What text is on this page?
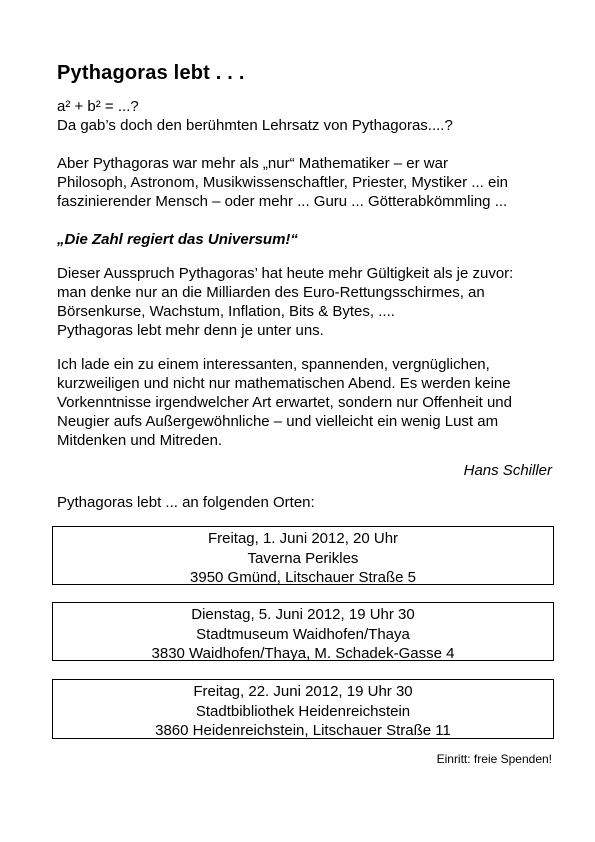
Pythagoras lebt . . .

a² + b² = ...?
Da gab’s doch den berühmten Lehrsatz von Pythagoras....?

Aber Pythagoras war mehr als „nur“ Mathematiker – er war
Philosoph, Astronom, Musikwissenschaftler, Priester, Mystiker ... ein
faszinierender Mensch – oder mehr ... Guru ... Götterabkömmling ...

„Die Zahl regiert das Universum!“

Dieser Ausspruch Pythagoras’ hat heute mehr Gültigkeit als je zuvor:
man denke nur an die Milliarden des Euro-Rettungsschirmes, an
Börsenkurse, Wachstum, Inflation, Bits & Bytes, ....
Pythagoras lebt mehr denn je unter uns.

Ich lade ein zu einem interessanten, spannenden, vergnüglichen,
kurzweiligen und nicht nur mathematischen Abend. Es werden keine
Vorkenntnisse irgendwelcher Art erwartet, sondern nur Offenheit und
Neugier aufs Außergewöhnliche – und vielleicht ein wenig Lust am
Mitdenken und Mitreden.

Hans Schiller

Pythagoras lebt ... an folgenden Orten:

Freitag, 1. Juni 2012, 20 Uhr
Taverna Perikles
3950 Gmünd, Litschauer Straße 5
Dienstag, 5. Juni 2012, 19 Uhr 30
Stadtmuseum Waidhofen/Thaya
3830 Waidhofen/Thaya, M. Schadek-Gasse 4
Freitag, 22. Juni 2012, 19 Uhr 30
Stadtbibliothek Heidenreichstein
3860 Heidenreichstein, Litschauer Straße 11

Einritt: freie Spenden!
